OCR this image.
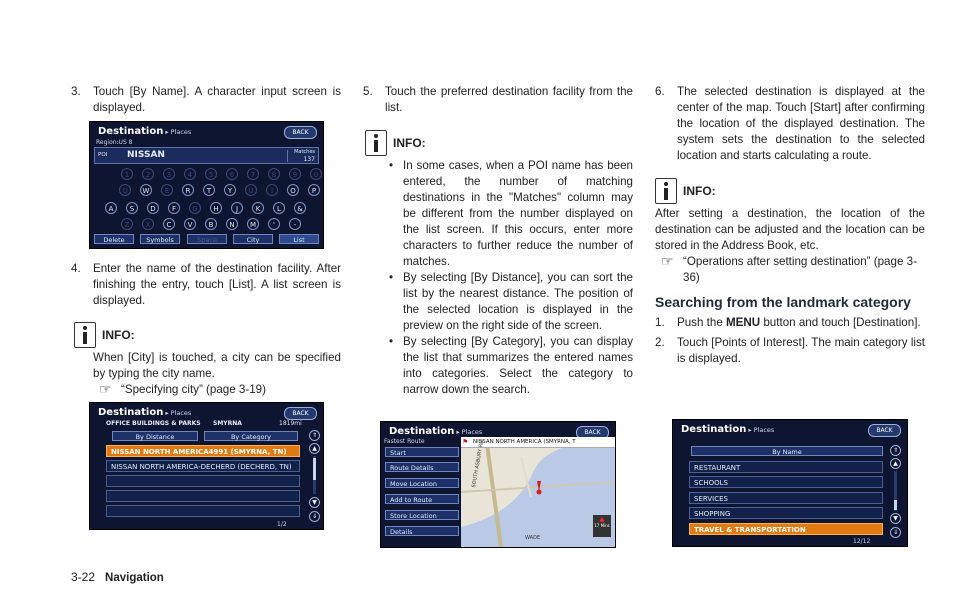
3. Touch [By Name]. A character input screen is displayed.

Destination ▸ Places	BACK
Region:US 8
POI NISSAN	Matches
137
1	2	3	4	5	6	7	8	9	0
Q	W	E	R	T	Y	U	I	O	P
A	S	D	F	G	H	J	K	L	&
Z	X	C	V	B	N	M	'	-
Delete	Symbols	Space	City	List

4. Enter the name of the destination facility. After finishing the entry, touch [List]. A list screen is displayed.

INFO:

When [City] is touched, a city can be specified by typing the city name.

☞ “Specifying city” (page 3-19)
Destination ▸ Places	BACK
OFFICE BUILDINGS & PARKS SMYRNA	1819mi
By Distance	By Category
NISSAN NORTH AMERICA4991 (SMYRNA, TN)
NISSAN NORTH AMERICA-DECHERD (DECHERD, TN)
⇑
▲
▼
⇓
1/2

5. Touch the preferred destination facility from the list.

INFO:
• In some cases, when a POI name has been entered, the number of matching destinations in the "Matches" column may be different from the number displayed on the list screen. If this occurs, enter more characters to further reduce the number of matches.
• By selecting [By Distance], you can sort the list by the nearest distance. The position of the selected location is displayed in the preview on the right side of the screen.
• By selecting [By Category], you can display the list that summarizes the entered names into categories. Select the category to narrow down the search.
Destination ▸ Places	BACK
Fastest Route
Start
Route Details
Move Location
Add to Route
Store Location
Details
NISSAN NORTH AMERICA (SMYRNA, T
⚑ SOUTH ASBURY RD
WADE
▲
17 Mins

6. The selected destination is displayed at the center of the map. Touch [Start] after confirming the location of the displayed destination. The system sets the destination to the selected location and starts calculating a route.

INFO:

After setting a destination, the location of the destination can be adjusted and the location can be stored in the Address Book, etc.

☞ “Operations after setting destination” (page 3-36)

Searching from the landmark category

1. Push the MENU button and touch [Destination].

2. Touch [Points of Interest]. The main category list is displayed.

Destination ▸ Places	BACK
By Name
RESTAURANT
SCHOOLS
SERVICES
SHOPPING
TRAVEL & TRANSPORTATION
⇑
▲
▼
⇓
12/12
3-22 Navigation
